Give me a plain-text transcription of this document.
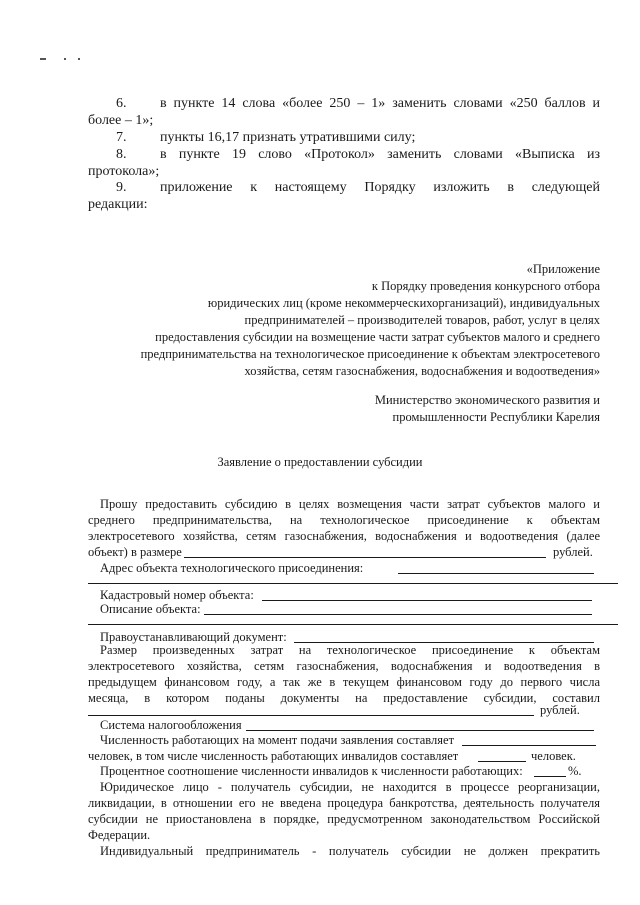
6. в пункте 14 слова «более 250 – 1» заменить словами «250 баллов и
более – 1»;
7. пункты 16,17 признать утратившими силу;
8. в пункте 19 слово «Протокол» заменить словами «Выписка из
протокола»;
9. приложение к настоящему Порядку изложить в следующей
редакции:
«Приложение
к Порядку проведения конкурсного отбора
юридических лиц (кроме некоммерческихорганизаций), индивидуальных
предпринимателей – производителей товаров, работ, услуг в целях
предоставления субсидии на возмещение части затрат субъектов малого и среднего
предпринимательства на технологическое присоединение к объектам электросетевого
хозяйства, сетям газоснабжения, водоснабжения и водоотведения»
Министерство экономического развития и
промышленности Республики Карелия
Заявление о предоставлении субсидии
Прошу предоставить субсидию в целях возмещения части затрат субъектов малого и
среднего предпринимательства, на технологическое присоединение к объектам
электросетевого хозяйства, сетям газоснабжения, водоснабжения и водоотведения (далее
объект) в размере	рублей.
Адрес объекта технологического присоединения:
Кадастровый номер объекта:
Описание объекта:
Правоустанавливающий документ:
Размер произведенных затрат на технологическое присоединение к объектам
электросетевого хозяйства, сетям газоснабжения, водоснабжения и водоотведения в
предыдущем финансовом году, а так же в текущем финансовом году до первого числа
месяца, в котором поданы документы на предоставление субсидии, составил
рублей.
Система налогообложения
Численность работающих на момент подачи заявления составляет
человек, в том числе численность работающих инвалидов составляет	человек.
Процентное соотношение численности инвалидов к численности работающих:	%.
Юридическое лицо - получатель субсидии, не находится в процессе реорганизации,
ликвидации, в отношении его не введена процедура банкротства, деятельность получателя
субсидии не приостановлена в порядке, предусмотренном законодательством Российской
Федерации.
Индивидуальный предприниматель - получатель субсидии не должен прекратить
